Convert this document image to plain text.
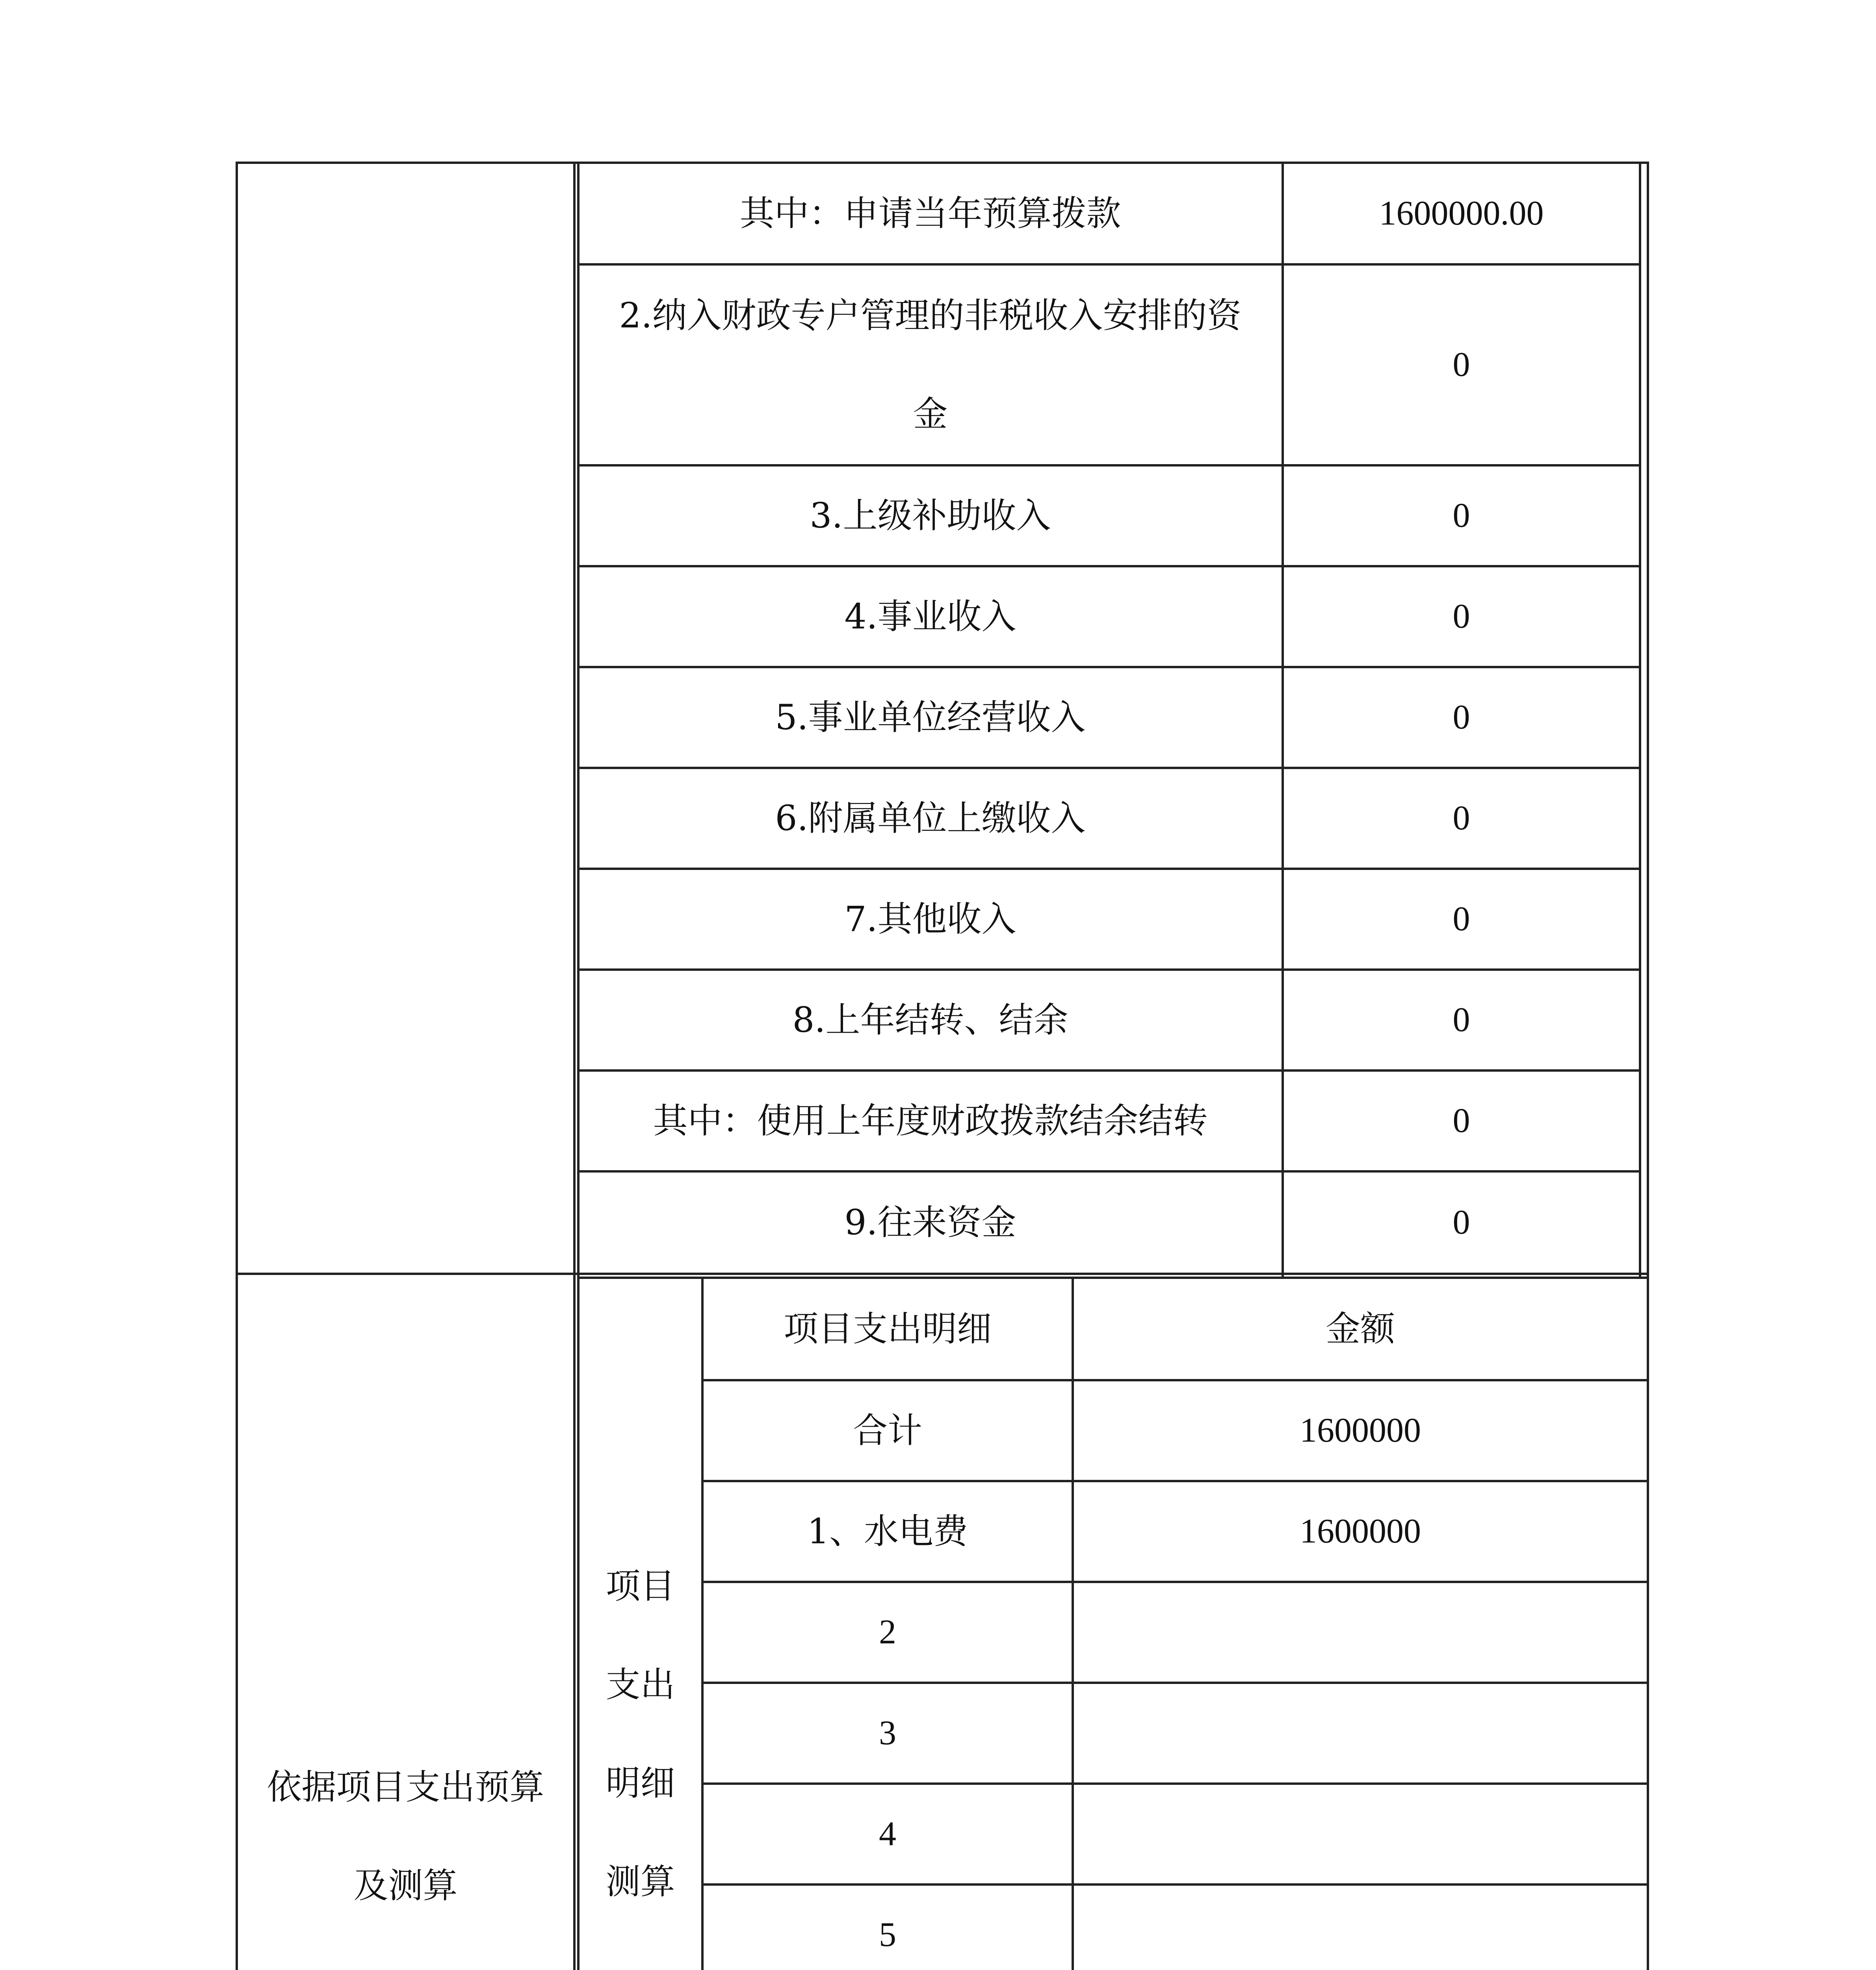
其中：申请当年预算拨款
2.纳入财政专户管理的非税收入安排的资
金
3.上级补助收入
4.事业收入
5.事业单位经营收入
6.附属单位上缴收入
7.其他收入
8.上年结转、结余
其中：使用上年度财政拨款结余结转
9.往来资金
1600000.00
0
0
0
0
0
0
0
0
0
依据项目支出预算
及测算
项目
支出
明细
测算
项目支出明细	金额
合计
1、水电费
2
3
4
5
1600000
1600000
